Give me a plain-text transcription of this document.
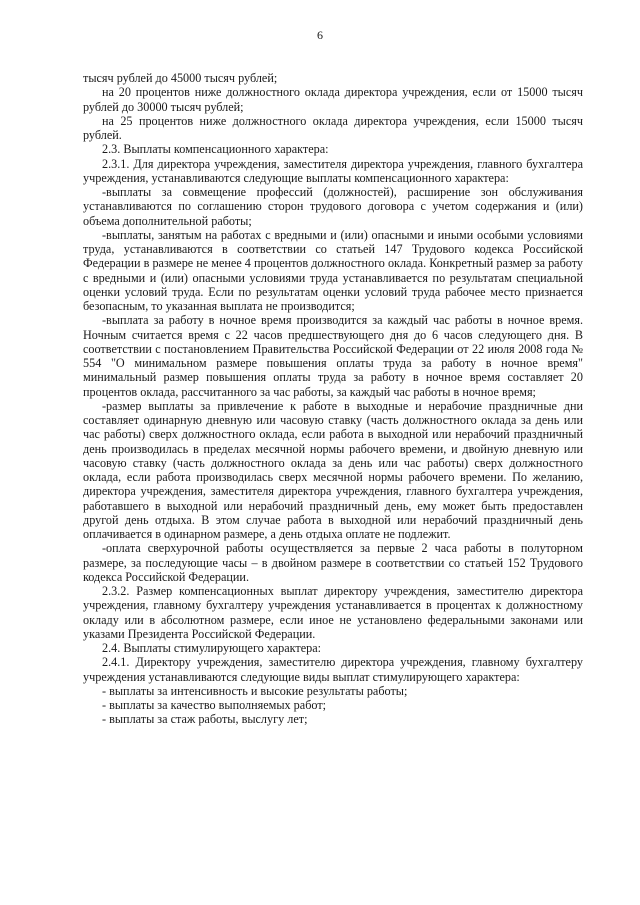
6

тысяч рублей до 45000 тысяч рублей;

на 20 процентов ниже должностного оклада директора учреждения, если от 15000 тысяч рублей до 30000 тысяч рублей;

на 25 процентов ниже должностного оклада директора учреждения, если 15000 тысяч рублей.

2.3. Выплаты компенсационного характера:

2.3.1. Для директора учреждения, заместителя директора учреждения, главного бухгалтера учреждения, устанавливаются следующие выплаты компенсационного характера:

-выплаты за совмещение профессий (должностей), расширение зон обслуживания устанавливаются по соглашению сторон трудового договора с учетом содержания и (или) объема дополнительной работы;

-выплаты, занятым на работах с вредными и (или) опасными и иными особыми условиями труда, устанавливаются в соответствии со статьей 147 Трудового кодекса Российской Федерации в размере не менее 4 процентов должностного оклада. Конкретный размер за работу с вредными и (или) опасными условиями труда устанавливается по результатам специальной оценки условий труда. Если по результатам оценки условий труда рабочее место признается безопасным, то указанная выплата не производится;

-выплата за работу в ночное время производится за каждый час работы в ночное время. Ночным считается время с 22 часов предшествующего дня до 6 часов следующего дня. В соответствии с постановлением Правительства Российской Федерации от 22 июля 2008 года № 554 "О минимальном размере повышения оплаты труда за работу в ночное время" минимальный размер повышения оплаты труда за работу в ночное время составляет 20 процентов оклада, рассчитанного за час работы, за каждый час работы в ночное время;

-размер выплаты за привлечение к работе в выходные и нерабочие праздничные дни составляет одинарную дневную или часовую ставку (часть должностного оклада за день или час работы) сверх должностного оклада, если работа в выходной или нерабочий праздничный день производилась в пределах месячной нормы рабочего времени, и двойную дневную или часовую ставку (часть должностного оклада за день или час работы) сверх должностного оклада, если работа производилась сверх месячной нормы рабочего времени. По желанию, директора учреждения, заместителя директора учреждения, главного бухгалтера учреждения, работавшего в выходной или нерабочий праздничный день, ему может быть предоставлен другой день отдыха. В этом случае работа в выходной или нерабочий праздничный день оплачивается в одинарном размере, а день отдыха оплате не подлежит.

-оплата сверхурочной работы осуществляется за первые 2 часа работы в полуторном размере, за последующие часы – в двойном размере в соответствии со статьей 152 Трудового кодекса Российской Федерации.

2.3.2. Размер компенсационных выплат директору учреждения, заместителю директора учреждения, главному бухгалтеру учреждения устанавливается в процентах к должностному окладу или в абсолютном размере, если иное не установлено федеральными законами или указами Президента Российской Федерации.

2.4. Выплаты стимулирующего характера:

2.4.1. Директору учреждения, заместителю директора учреждения, главному бухгалтеру учреждения устанавливаются следующие виды выплат стимулирующего характера:

- выплаты за интенсивность и высокие результаты работы;

- выплаты за качество выполняемых работ;

- выплаты за стаж работы, выслугу лет;
